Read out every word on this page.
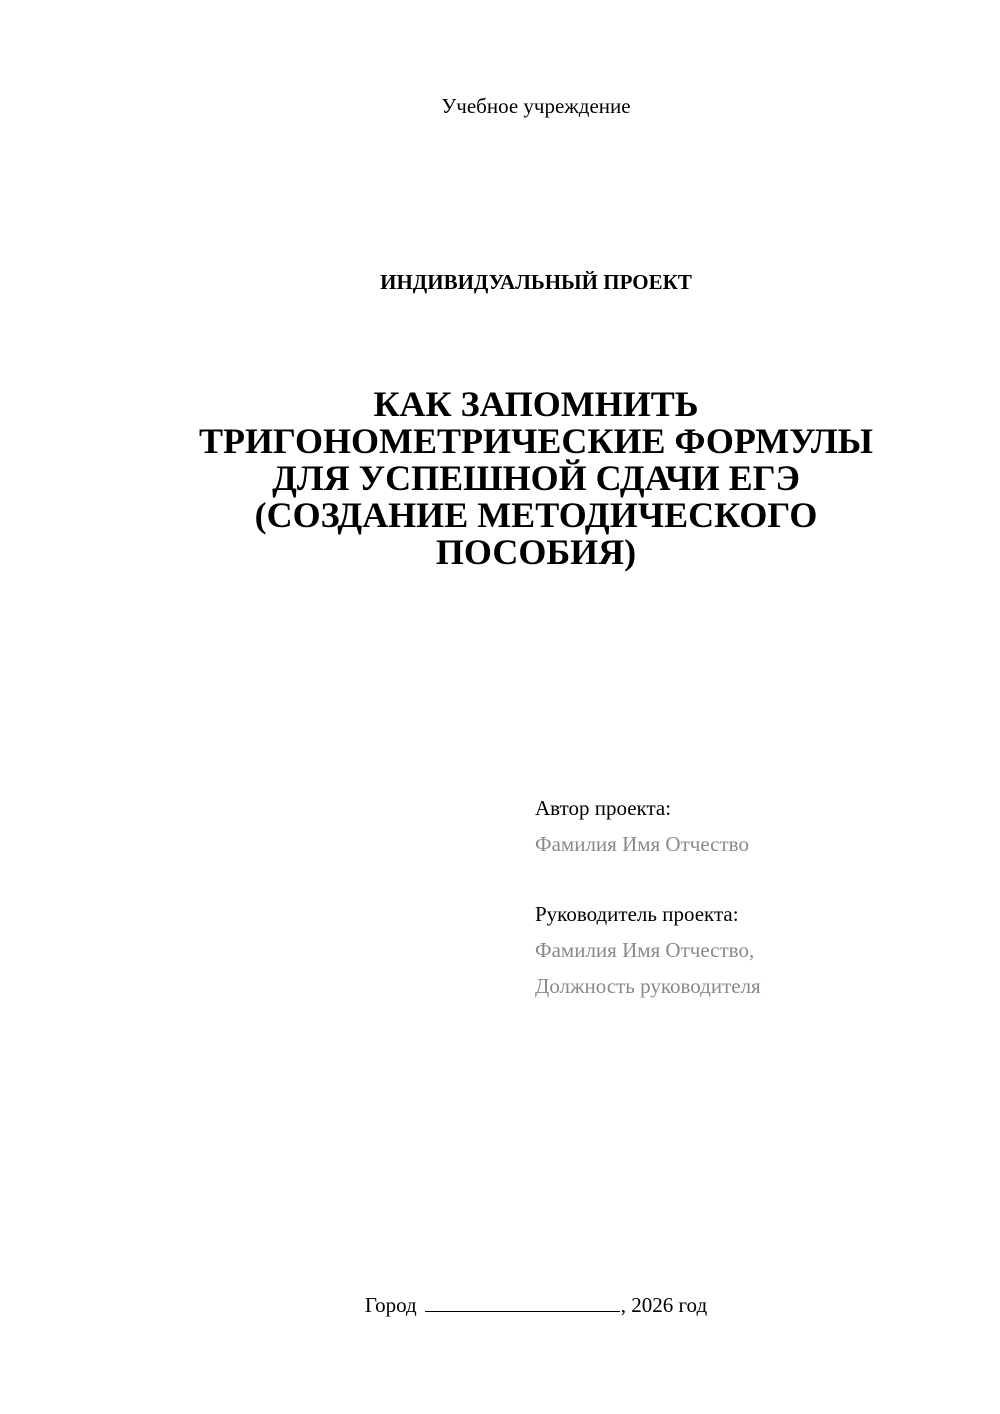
Учебное учреждение
ИНДИВИДУАЛЬНЫЙ ПРОЕКТ
КАК ЗАПОМНИТЬ
ТРИГОНОМЕТРИЧЕСКИЕ ФОРМУЛЫ
ДЛЯ УСПЕШНОЙ СДАЧИ ЕГЭ
(СОЗДАНИЕ МЕТОДИЧЕСКОГО
ПОСОБИЯ)
Автор проекта:
Фамилия Имя Отчество
Руководитель проекта:
Фамилия Имя Отчество,
Должность руководителя
Город	, 2026 год
